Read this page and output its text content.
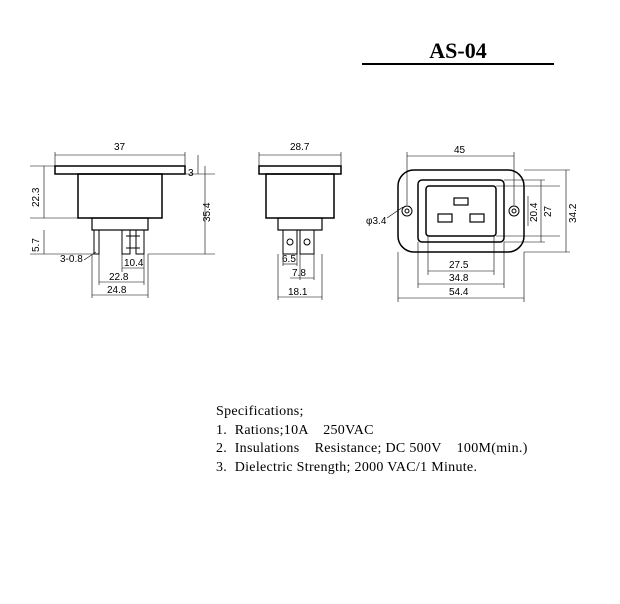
AS-04
37
3
22.3
35.4
5.7
3-0.8	10.4
22.8
24.8
28.7
6.5
7.8
18.1
45
φ3.4	20.4 27 34.2
27.5
34.8
54.4
Specifications;
1.  Rations;10A    250VAC
2.  Insulations    Resistance; DC 500V    100M(min.)
3.  Dielectric Strength; 2000 VAC/1 Minute.
